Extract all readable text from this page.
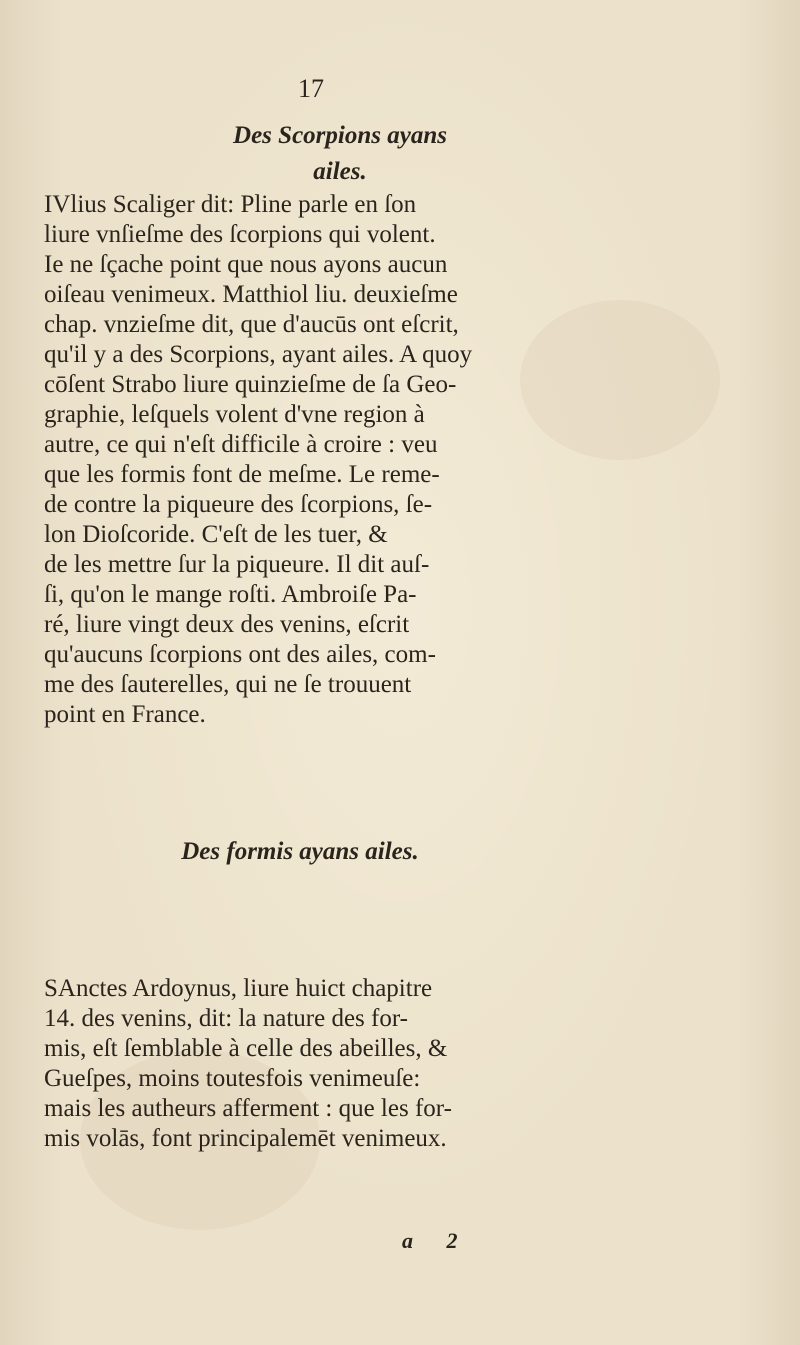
17
Des Scorpions ayans
ailes.
IVlius Scaliger dit: Pline parle en ſon
liure vnſieſme des ſcorpions qui volent.
Ie ne ſçache point que nous ayons aucun
oiſeau venimeux. Matthiol liu. deuxieſme
chap. vnzieſme dit, que d'aucūs ont eſcrit,
qu'il y a des Scorpions, ayant ailes. A quoy
cōſent Strabo liure quinzieſme de ſa Geo-
graphie, leſquels volent d'vne region à
autre, ce qui n'eſt difficile à croire : veu
que les formis font de meſme. Le reme-
de contre la piqueure des ſcorpions, ſe-
lon Dioſcoride. C'eſt de les tuer, &
de les mettre ſur la piqueure. Il dit auſ-
ſi, qu'on le mange roſti. Ambroiſe Pa-
ré, liure vingt deux des venins, eſcrit
qu'aucuns ſcorpions ont des ailes, com-
me des ſauterelles, qui ne ſe trouuent
point en France.
Des formis ayans ailes.
SAnctes Ardoynus, liure huict chapitre
14. des venins, dit: la nature des for-
mis, eſt ſemblable à celle des abeilles, &
Gueſpes, moins toutesfois venimeuſe:
mais les autheurs afferment : que les for-
mis volās, font principalemēt venimeux.
a 2
